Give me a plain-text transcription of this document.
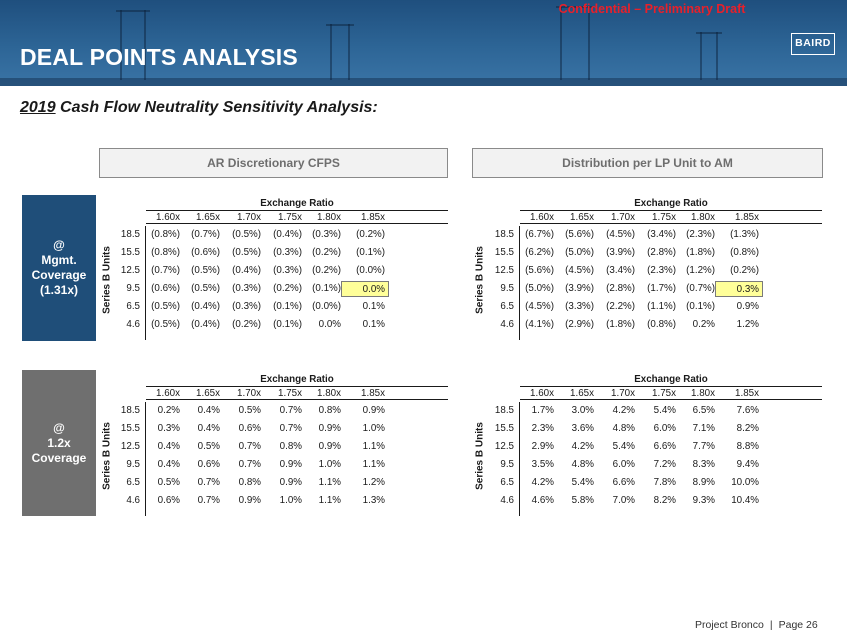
DEAL POINTS ANALYSIS
BAIRD
Confidential – Preliminary Draft
2019 Cash Flow Neutrality Sensitivity Analysis:
AR Discretionary CFPS	Distribution per LP Unit to AM
@
Mgmt.
Coverage
(1.31x)
@
1.2x
Coverage
Series B Units	Series B Units
Series B Units	Series B Units
Exchange Ratio
1.60x	1.65x	1.70x	1.75x	1.80x	1.85x
18.5	(0.8%)	(0.7%)	(0.5%)	(0.4%)	(0.3%)	(0.2%)
15.5	(0.8%)	(0.6%)	(0.5%)	(0.3%)	(0.2%)	(0.1%)
12.5	(0.7%)	(0.5%)	(0.4%)	(0.3%)	(0.2%)	(0.0%)
9.5	(0.6%)	(0.5%)	(0.3%)	(0.2%)	(0.1%)	0.0%
6.5	(0.5%)	(0.4%)	(0.3%)	(0.1%)	(0.0%)	0.1%
4.6	(0.5%)	(0.4%)	(0.2%)	(0.1%)	0.0%	0.1%
Exchange Ratio
1.60x	1.65x	1.70x	1.75x	1.80x	1.85x
18.5	(6.7%)	(5.6%)	(4.5%)	(3.4%)	(2.3%)	(1.3%)
15.5	(6.2%)	(5.0%)	(3.9%)	(2.8%)	(1.8%)	(0.8%)
12.5	(5.6%)	(4.5%)	(3.4%)	(2.3%)	(1.2%)	(0.2%)
9.5	(5.0%)	(3.9%)	(2.8%)	(1.7%)	(0.7%)	0.3%
6.5	(4.5%)	(3.3%)	(2.2%)	(1.1%)	(0.1%)	0.9%
4.6	(4.1%)	(2.9%)	(1.8%)	(0.8%)	0.2%	1.2%
Exchange Ratio
1.60x	1.65x	1.70x	1.75x	1.80x	1.85x
18.5	0.2%	0.4%	0.5%	0.7%	0.8%	0.9%
15.5	0.3%	0.4%	0.6%	0.7%	0.9%	1.0%
12.5	0.4%	0.5%	0.7%	0.8%	0.9%	1.1%
9.5	0.4%	0.6%	0.7%	0.9%	1.0%	1.1%
6.5	0.5%	0.7%	0.8%	0.9%	1.1%	1.2%
4.6	0.6%	0.7%	0.9%	1.0%	1.1%	1.3%
Exchange Ratio
1.60x	1.65x	1.70x	1.75x	1.80x	1.85x
18.5	1.7%	3.0%	4.2%	5.4%	6.5%	7.6%
15.5	2.3%	3.6%	4.8%	6.0%	7.1%	8.2%
12.5	2.9%	4.2%	5.4%	6.6%	7.7%	8.8%
9.5	3.5%	4.8%	6.0%	7.2%	8.3%	9.4%
6.5	4.2%	5.4%	6.6%	7.8%	8.9%	10.0%
4.6	4.6%	5.8%	7.0%	8.2%	9.3%	10.4%
Project Bronco | Page 26
